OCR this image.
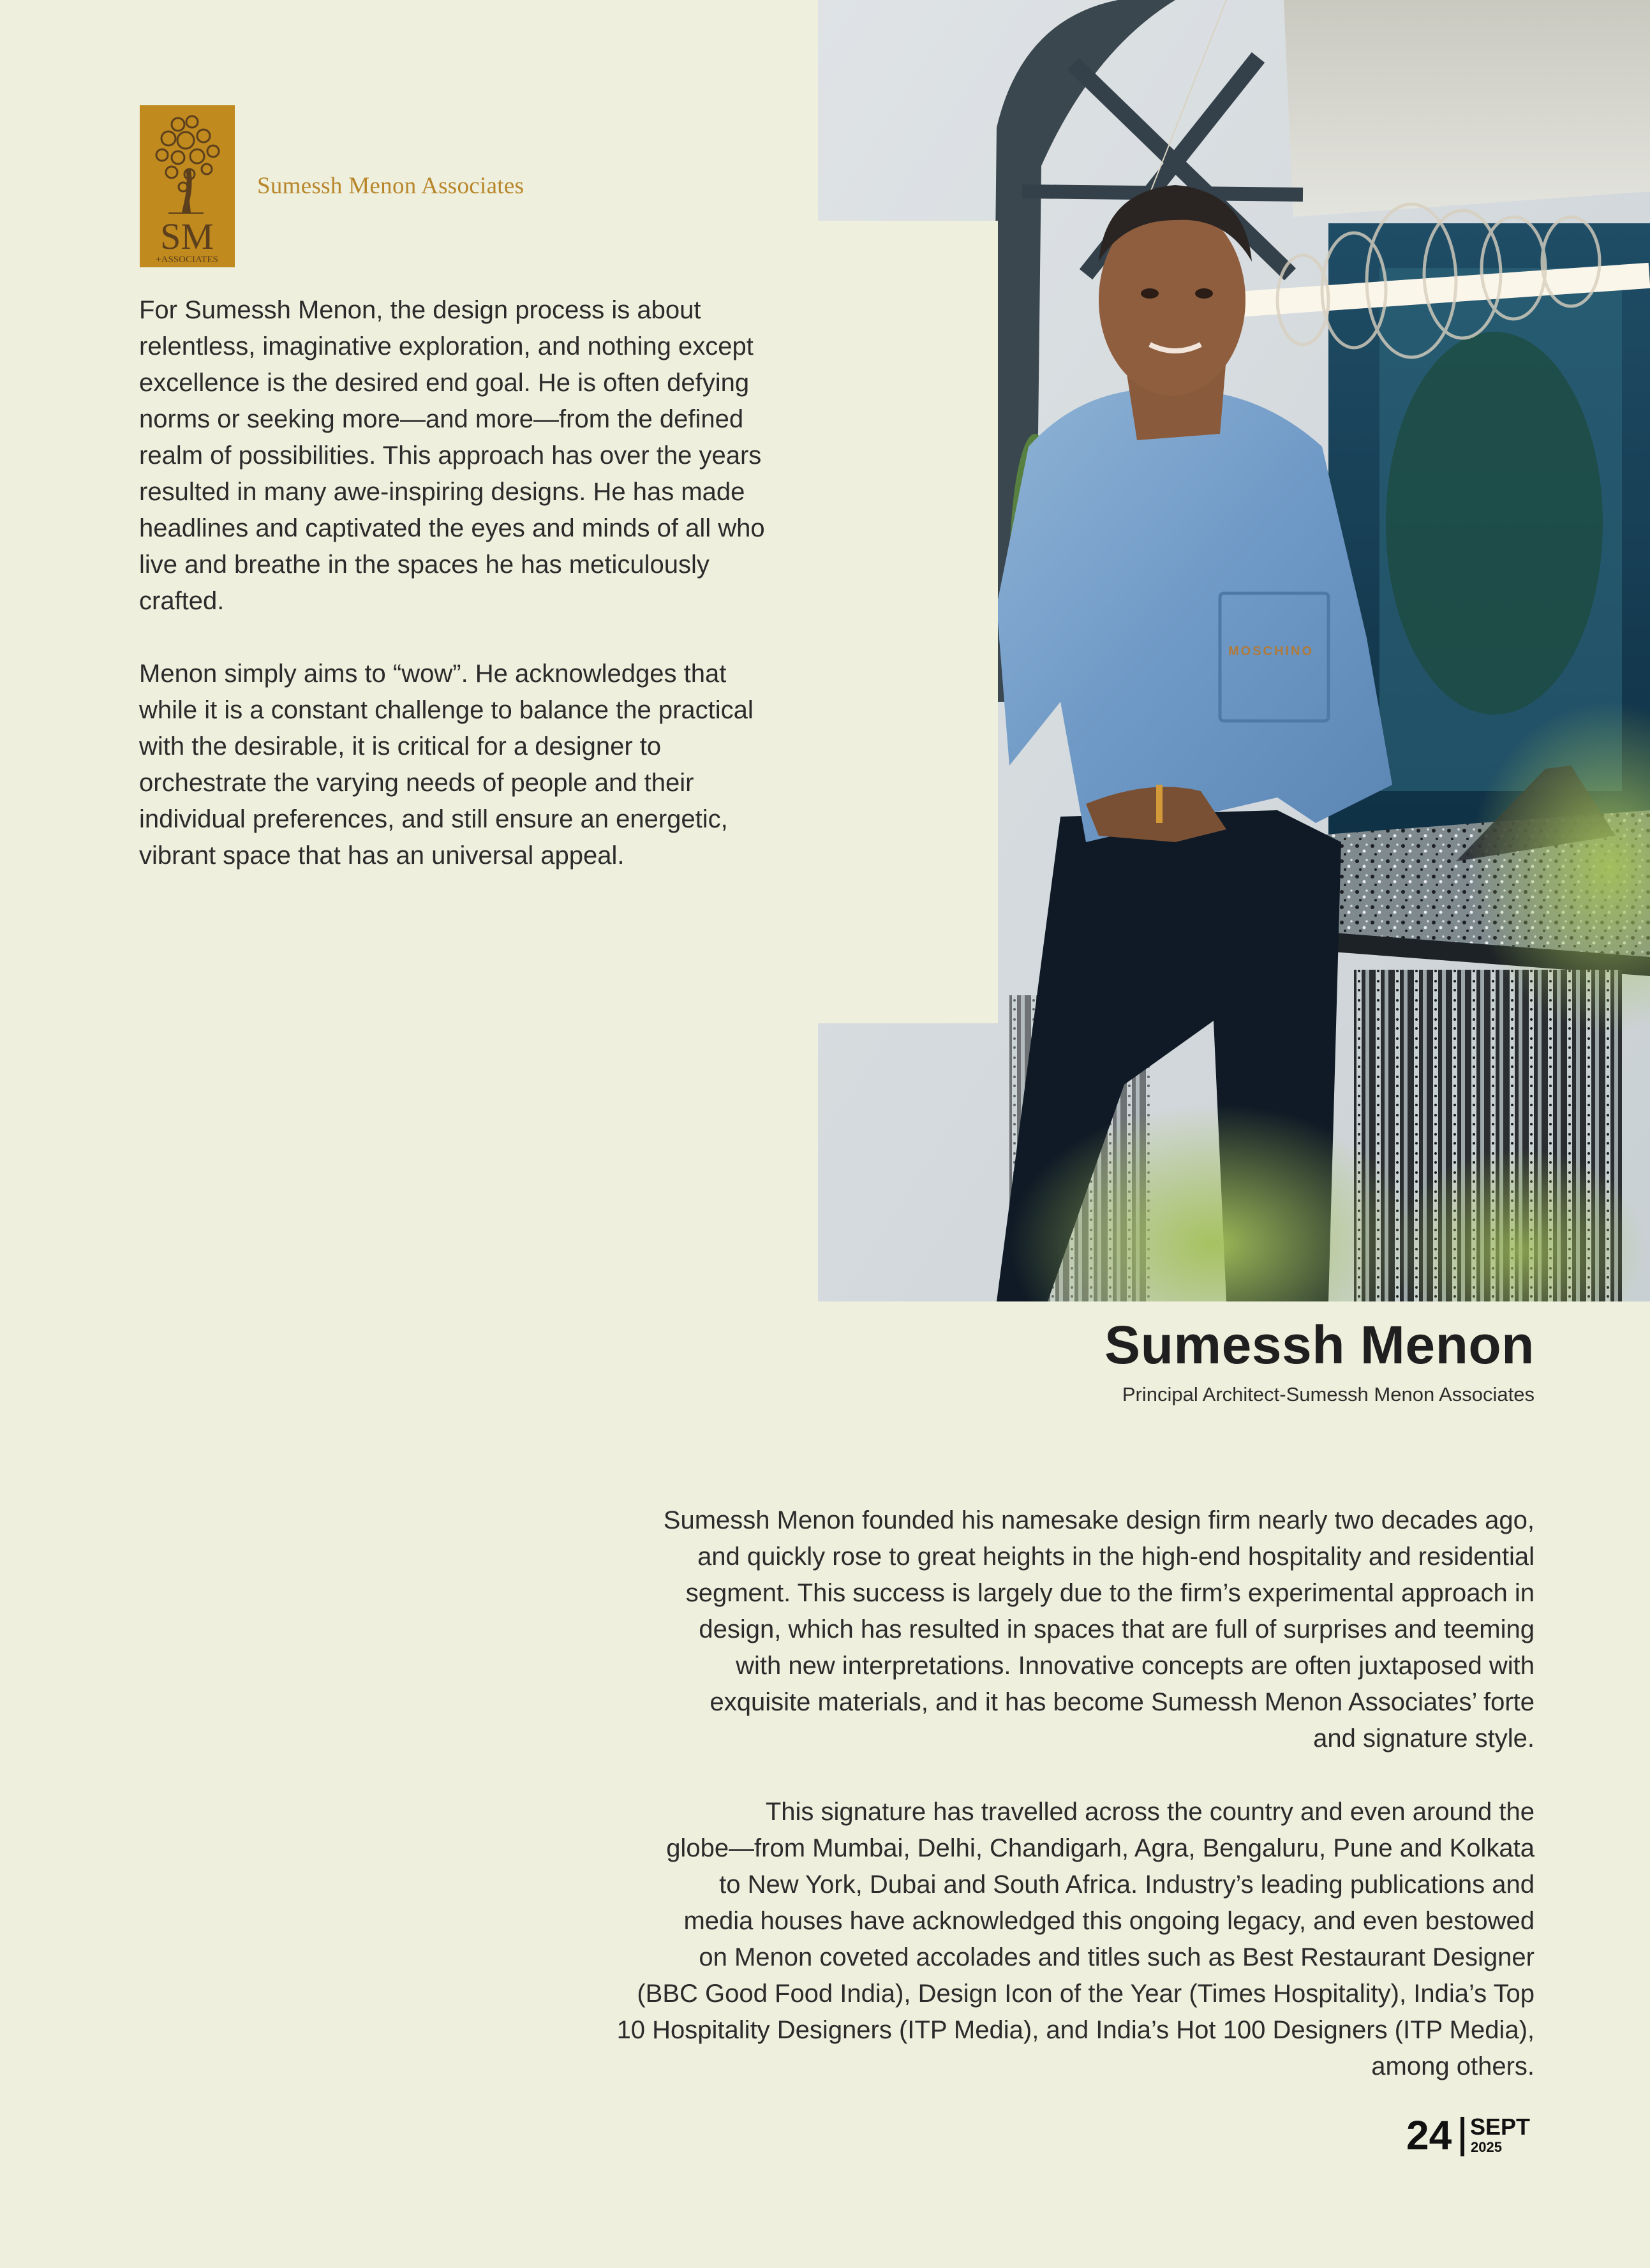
MOSCHINO
SM
+ASSOCIATES
Sumessh Menon Associates
For Sumessh Menon, the design process is about
relentless, imaginative exploration, and nothing except
excellence is the desired end goal. He is often defying
norms or seeking more—and more—from the defined
realm of possibilities. This approach has over the years
resulted in many awe-inspiring designs. He has made
headlines and captivated the eyes and minds of all who
live and breathe in the spaces he has meticulously
crafted.
Menon simply aims to “wow”. He acknowledges that
while it is a constant challenge to balance the practical
with the desirable, it is critical for a designer to
orchestrate the varying needs of people and their
individual preferences, and still ensure an energetic,
vibrant space that has an universal appeal.
Sumessh Menon
Principal Architect-Sumessh Menon Associates
Sumessh Menon founded his namesake design firm nearly two decades ago,
and quickly rose to great heights in the high-end hospitality and residential
segment. This success is largely due to the firm’s experimental approach in
design, which has resulted in spaces that are full of surprises and teeming
with new interpretations. Innovative concepts are often juxtaposed with
exquisite materials, and it has become Sumessh Menon Associates’ forte
and signature style.
This signature has travelled across the country and even around the
globe—from Mumbai, Delhi, Chandigarh, Agra, Bengaluru, Pune and Kolkata
to New York, Dubai and South Africa. Industry’s leading publications and
media houses have acknowledged this ongoing legacy, and even bestowed
on Menon coveted accolades and titles such as Best Restaurant Designer
(BBC Good Food India), Design Icon of the Year (Times Hospitality), India’s Top
10 Hospitality Designers (ITP Media), and India’s Hot 100 Designers (ITP Media),
among others.
24 SEPT
2025
